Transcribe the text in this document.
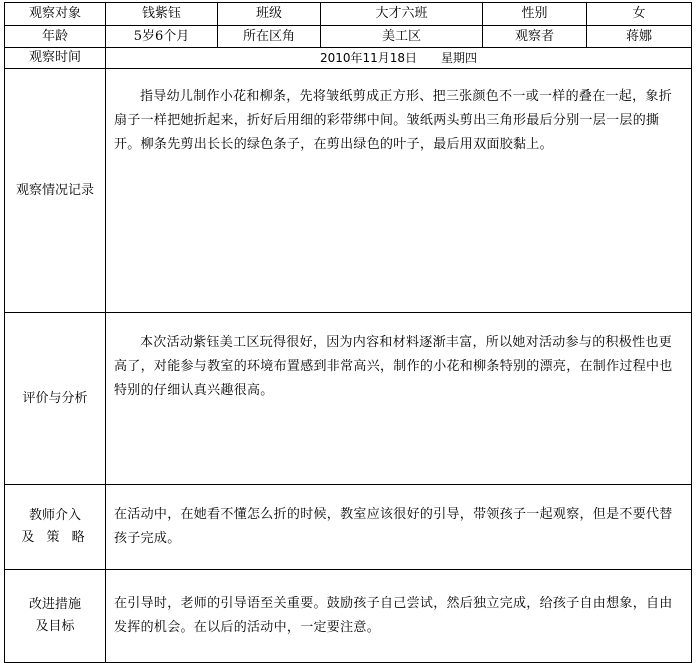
观察对象	钱紫钰	班级	大才六班	性别	女
年龄	5岁6个月	所在区角	美工区	观察者	蒋娜
观察时间	2010年11月18日　　星期四				
观察情况记录	指导幼儿制作小花和柳条，先将皱纸剪成正方形、把三张颜色不一或一样的叠在一起，象折扇子一样把她折起来，折好后用细的彩带绑中间。皱纸两头剪出三角形最后分别一层一层的撕开。柳条先剪出长长的绿色条子，在剪出绿色的叶子，最后用双面胶黏上。				
评价与分析	本次活动紫钰美工区玩得很好，因为内容和材料逐渐丰富，所以她对活动参与的积极性也更高了，对能参与教室的环境布置感到非常高兴，制作的小花和柳条特别的漂亮，在制作过程中也特别的仔细认真兴趣很高。				

教师介入
及 策 略	在活动中，在她看不懂怎么折的时候，教室应该很好的引导，带领孩子一起观察，但是不要代替孩子完成。				

改进措施
及目标	在引导时，老师的引导语至关重要。鼓励孩子自己尝试，然后独立完成，给孩子自由想象，自由发挥的机会。在以后的活动中，一定要注意。				
